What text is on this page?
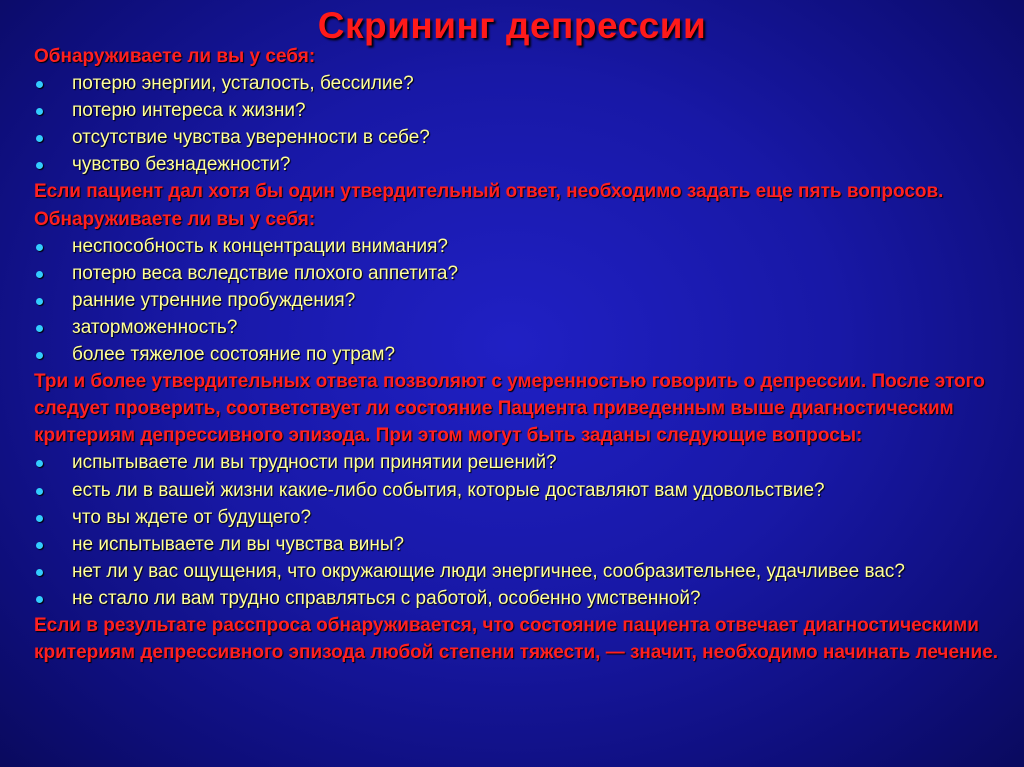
Скрининг депрессии

Обнаруживаете ли вы у себя:

потерю энергии, усталость, бессилие?
потерю интереса к жизни?
отсутствие чувства уверенности в себе?
чувство безнадежности?

Если пациент дал хотя бы один утвердительный ответ, необходимо задать еще пять вопросов. Обнаруживаете ли вы у себя:

неспособность к концентрации внимания?
потерю веса вследствие плохого аппетита?
ранние утренние пробуждения?
заторможенность?
более тяжелое состояние по утрам?

Три и более утвердительных ответа позволяют с умеренностью говорить о депрессии. После этого следует проверить, соответствует ли состояние Пациента приведенным выше диагностическим критериям депрессивного эпизода. При этом могут быть заданы следующие вопросы:

испытываете ли вы трудности при принятии решений?
есть ли в вашей жизни какие-либо события, которые доставляют вам удовольствие?
что вы ждете от будущего?
не испытываете ли вы чувства вины?
нет ли у вас ощущения, что окружающие люди энергичнее, сообразительнее, удачливее вас?
не стало ли вам трудно справляться с работой, особенно умственной?

Если в результате расспроса обнаруживается, что состояние пациента отвечает диагностическими критериям депрессивного эпизода любой степени тяжести, — значит, необходимо начинать лечение.
